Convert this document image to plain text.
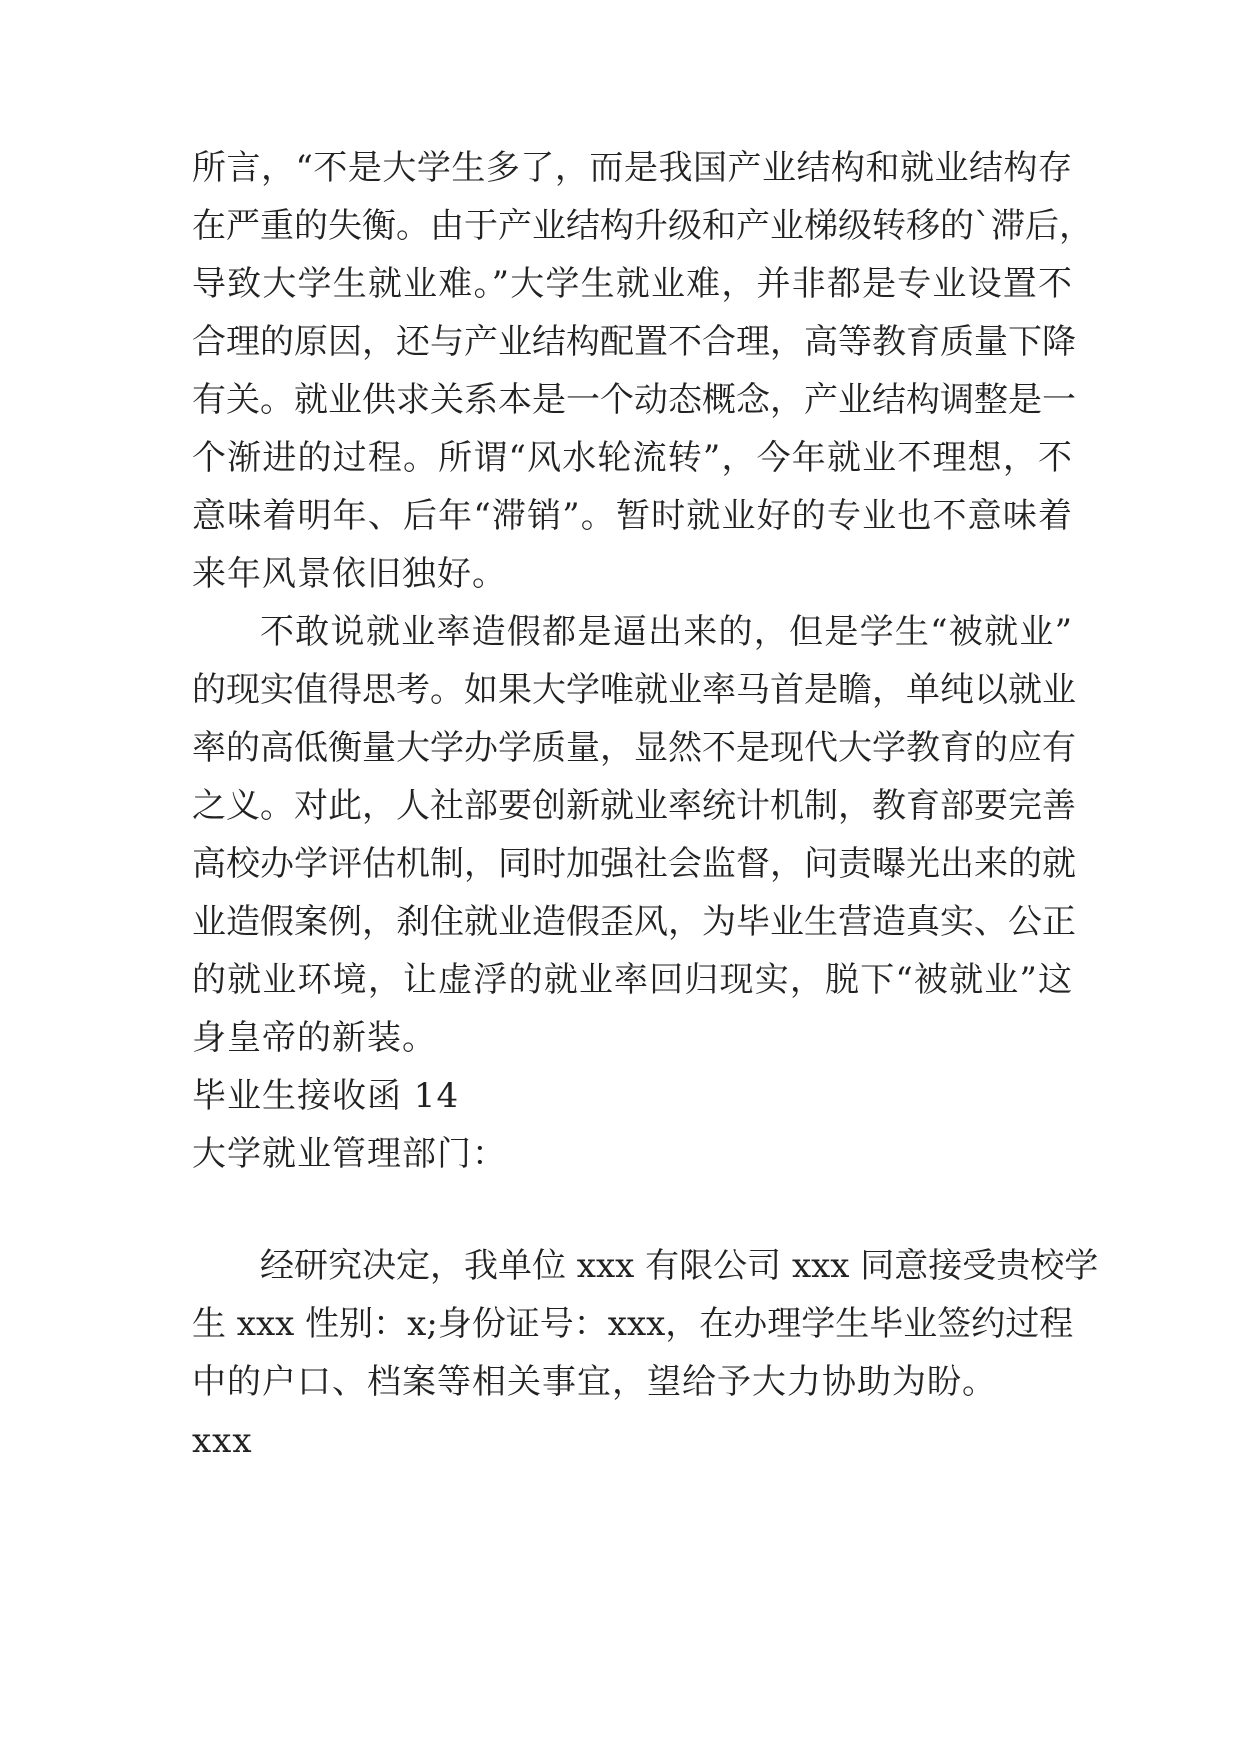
所言，“不是大学生多了，而是我国产业结构和就业结构存
在严重的失衡。由于产业结构升级和产业梯级转移的`滞后，
导致大学生就业难。”大学生就业难，并非都是专业设置不
合理的原因，还与产业结构配置不合理，高等教育质量下降
有关。就业供求关系本是一个动态概念，产业结构调整是一
个渐进的过程。所谓“风水轮流转”，今年就业不理想，不
意味着明年、后年“滞销”。暂时就业好的专业也不意味着
来年风景依旧独好。
不敢说就业率造假都是逼出来的，但是学生“被就业”
的现实值得思考。如果大学唯就业率马首是瞻，单纯以就业
率的高低衡量大学办学质量，显然不是现代大学教育的应有
之义。对此，人社部要创新就业率统计机制，教育部要完善
高校办学评估机制，同时加强社会监督，问责曝光出来的就
业造假案例，刹住就业造假歪风，为毕业生营造真实、公正
的就业环境，让虚浮的就业率回归现实，脱下“被就业”这
身皇帝的新装。
毕业生接收函 14
大学就业管理部门：
经研究决定，我单位 xxx 有限公司 xxx 同意接受贵校学
生 xxx 性别：x;身份证号：xxx，在办理学生毕业签约过程
中的户口、档案等相关事宜，望给予大力协助为盼。
xxx
